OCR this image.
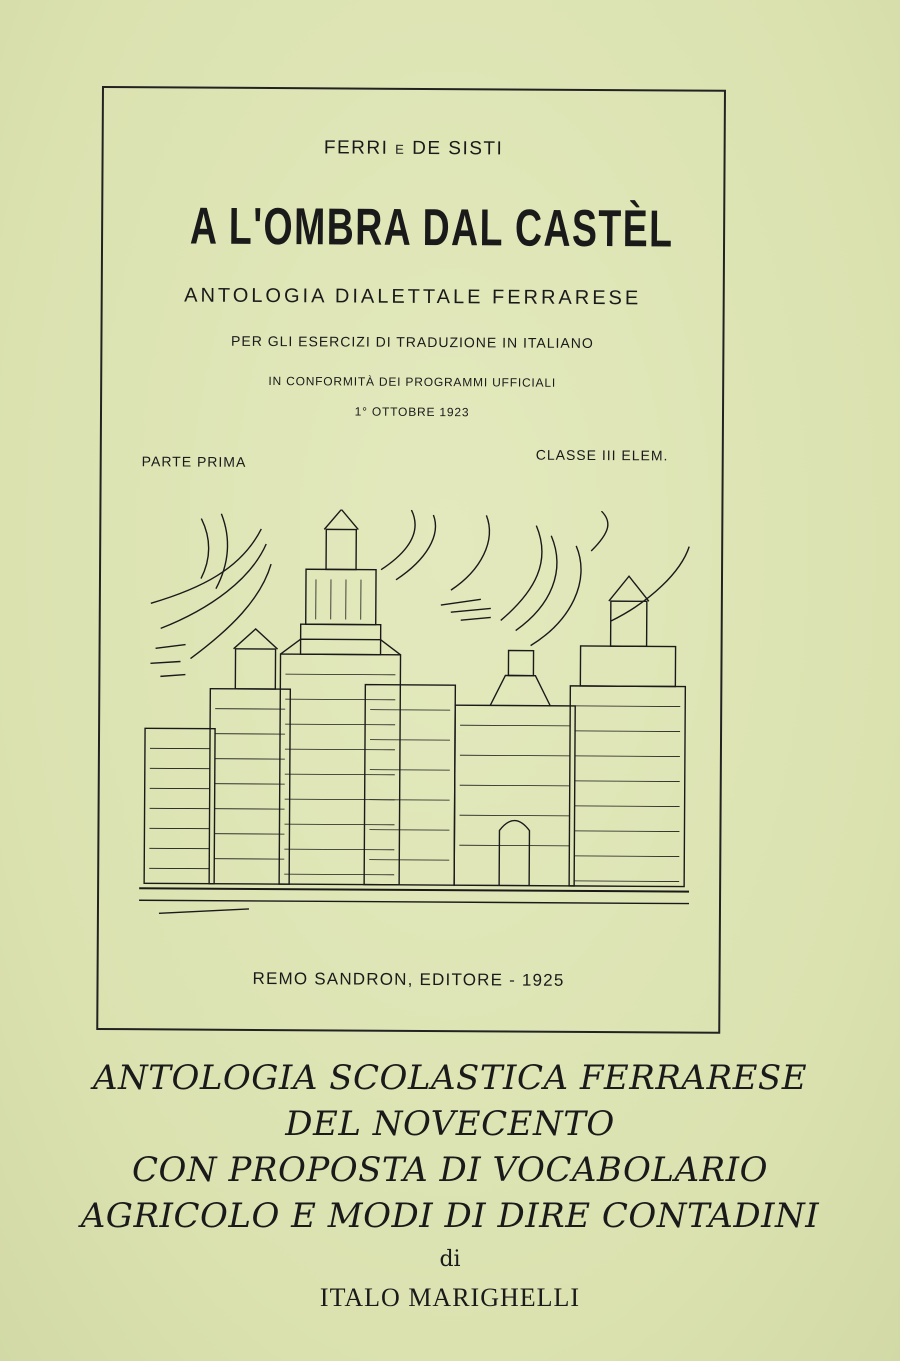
FERRI E DE SISTI
A L'OMBRA DAL CASTÈL
ANTOLOGIA DIALETTALE FERRARESE
PER GLI ESERCIZI DI TRADUZIONE IN ITALIANO
IN CONFORMITÀ DEI PROGRAMMI UFFICIALI
1° OTTOBRE 1923
PARTE PRIMA	CLASSE III ELEM.
REMO SANDRON, EDITORE - 1925
ANTOLOGIA SCOLASTICA FERRARESE
DEL NOVECENTO
CON PROPOSTA DI VOCABOLARIO
AGRICOLO E MODI DI DIRE CONTADINI
di
ITALO MARIGHELLI
